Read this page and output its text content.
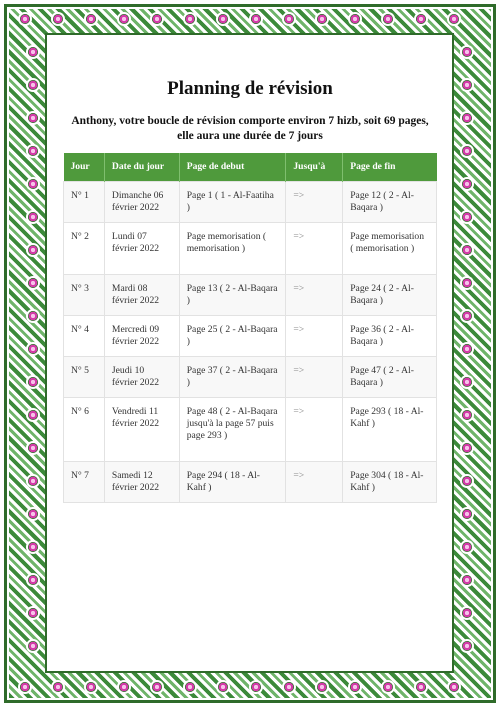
Planning de révision
Anthony, votre boucle de révision comporte environ 7 hizb, soit 69 pages,
elle aura une durée de 7 jours
Jour	Date du jour	Page de debut	Jusqu'à	Page de fin
N° 1	Dimanche 06 février 2022	Page 1 ( 1 - Al-Faatiha )	=>	Page 12 ( 2 - Al-Baqara )
N° 2	Lundi 07 février 2022	Page memorisation ( memorisation )	=>	Page memorisation ( memorisation )
N° 3	Mardi 08 février 2022	Page 13 ( 2 - Al-Baqara )	=>	Page 24 ( 2 - Al-Baqara )
N° 4	Mercredi 09 février 2022	Page 25 ( 2 - Al-Baqara )	=>	Page 36 ( 2 - Al-Baqara )
N° 5	Jeudi 10 février 2022	Page 37 ( 2 - Al-Baqara )	=>	Page 47 ( 2 - Al-Baqara )
N° 6	Vendredi 11 février 2022	Page 48 ( 2 - Al-Baqara jusqu'à la page 57 puis page 293 )	=>	Page 293 ( 18 - Al-Kahf )
N° 7	Samedi 12 février 2022	Page 294 ( 18 - Al-Kahf )	=>	Page 304 ( 18 - Al-Kahf )
